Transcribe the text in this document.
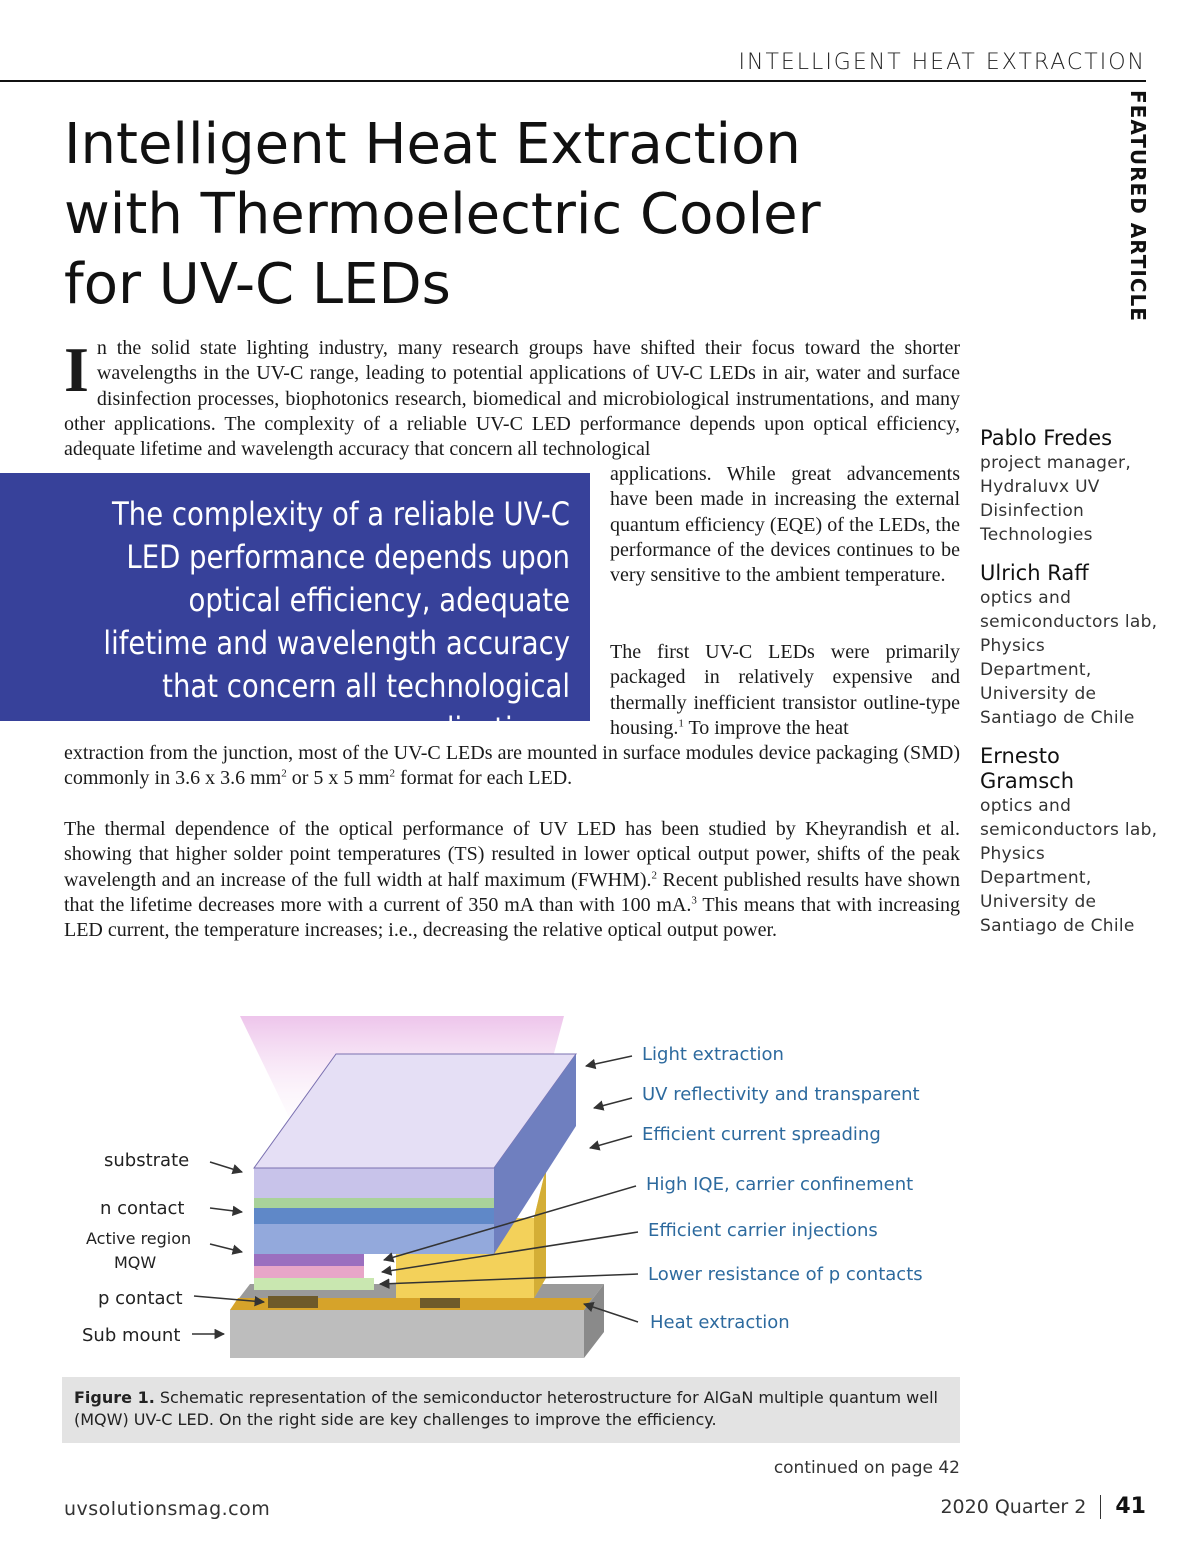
INTELLIGENT HEAT EXTRACTION
FEATURED ARTICLE
Intelligent Heat Extraction
with Thermoelectric Cooler
for UV-C LEDs
In the solid state lighting industry, many research groups have shifted their focus toward the shorter wavelengths in the UV-C range, leading to potential applications of UV-C LEDs in air, water and surface disinfection processes, biophotonics research, biomedical and microbiological instrumentations, and many other applications. The complexity of a reliable UV-C LED performance depends upon optical efficiency, adequate lifetime and wavelength accuracy that concern all technological
The complexity of a reliable UV-C LED performance depends upon optical efficiency, adequate lifetime and wavelength accuracy that concern all technological applications.
applications. While great advancements have been made in increasing the external quantum efficiency (EQE) of the LEDs, the performance of the devices continues to be very sensitive to the ambient temperature.
The first UV-C LEDs were primarily packaged in relatively expensive and thermally inefficient transistor outline-type housing.$^1$ To improve the heat
extraction from the junction, most of the UV-C LEDs are mounted in surface modules device packaging (SMD) commonly in 3.6 x 3.6 $mm^2$ or 5 x 5 $mm^2$ format for each LED.
The thermal dependence of the optical performance of UV LED has been studied by Kheyrandish et al. showing that higher solder point temperatures (TS) resulted in lower optical output power, shifts of the peak wavelength and an increase of the full width at half maximum (FWHM).$^2$ Recent published results have shown that the lifetime decreases more with a current of 350 mA than with 100 mA.$^3$ This means that with increasing LED current, the temperature increases; i.e., decreasing the relative optical output power.
Pablo Fredes
project manager, Hydraluvx UV Disinfection Technologies
Ulrich Raff
optics and semiconductors lab, Physics Department, University de Santiago de Chile
Ernesto Gramsch
optics and semiconductors lab, Physics Department, University de Santiago de Chile
substrate
n contact
Active region
MQW
p contact
Sub mount
Light extraction
UV reflectivity and transparent
Efficient current spreading
High IQE, carrier confinement
Efficient carrier injections
Lower resistance of p contacts
Heat extraction
Figure 1. Schematic representation of the semiconductor heterostructure for AlGaN multiple quantum well (MQW) UV-C LED. On the right side are key challenges to improve the efficiency.
continued on page 42
uvsolutionsmag.com	2020 Quarter 2 41
